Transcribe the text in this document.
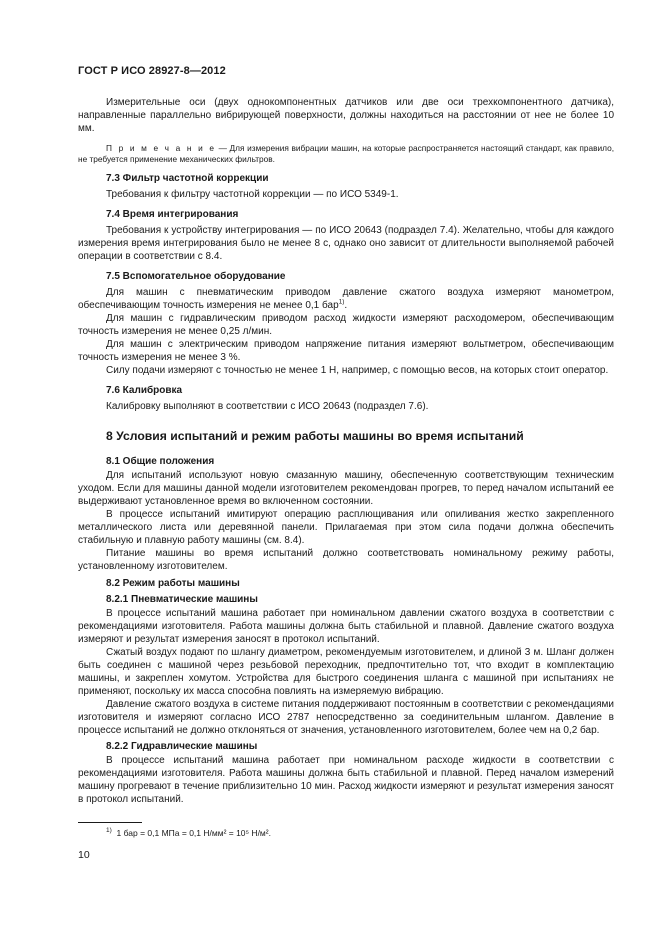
ГОСТ Р ИСО 28927-8—2012

Измерительные оси (двух однокомпонентных датчиков или две оси трехкомпонентного датчика), направленные параллельно вибрирующей поверхности, должны находиться на расстоянии от нее не более 10 мм.

П р и м е ч а н и е — Для измерения вибрации машин, на которые распространяется настоящий стандарт, как правило, не требуется применение механических фильтров.

7.3 Фильтр частотной коррекции

Требования к фильтру частотной коррекции — по ИСО 5349-1.

7.4 Время интегрирования

Требования к устройству интегрирования — по ИСО 20643 (подраздел 7.4). Желательно, чтобы для каждого измерения время интегрирования было не менее 8 с, однако оно зависит от длительности выполняемой рабочей операции в соответствии с 8.4.

7.5 Вспомогательное оборудование

Для машин с пневматическим приводом давление сжатого воздуха измеряют манометром, обеспечивающим точность измерения не менее 0,1 бар$^{1)}$.

Для машин с гидравлическим приводом расход жидкости измеряют расходомером, обеспечивающим точность измерения не менее 0,25 л/мин.

Для машин с электрическим приводом напряжение питания измеряют вольтметром, обеспечивающим точность измерения не менее 3 %.

Силу подачи измеряют с точностью не менее 1 Н, например, с помощью весов, на которых стоит оператор.

7.6 Калибровка

Калибровку выполняют в соответствии с ИСО 20643 (подраздел 7.6).

8 Условия испытаний и режим работы машины во время испытаний
8.1 Общие положения

Для испытаний используют новую смазанную машину, обеспеченную соответствующим техническим уходом. Если для машины данной модели изготовителем рекомендован прогрев, то перед началом испытаний ее выдерживают установленное время во включенном состоянии.

В процессе испытаний имитируют операцию расплющивания или опиливания жестко закрепленного металлического листа или деревянной панели. Прилагаемая при этом сила подачи должна обеспечить стабильную и плавную работу машины (см. 8.4).

Питание машины во время испытаний должно соответствовать номинальному режиму работы, установленному изготовителем.

8.2 Режим работы машины
8.2.1 Пневматические машины

В процессе испытаний машина работает при номинальном давлении сжатого воздуха в соответствии с рекомендациями изготовителя. Работа машины должна быть стабильной и плавной. Давление сжатого воздуха измеряют и результат измерения заносят в протокол испытаний.

Сжатый воздух подают по шлангу диаметром, рекомендуемым изготовителем, и длиной 3 м. Шланг должен быть соединен с машиной через резьбовой переходник, предпочтительно тот, что входит в комплектацию машины, и закреплен хомутом. Устройства для быстрого соединения шланга с машиной при испытаниях не применяют, поскольку их масса способна повлиять на измеряемую вибрацию.

Давление сжатого воздуха в системе питания поддерживают постоянным в соответствии с рекомендациями изготовителя и измеряют согласно ИСО 2787 непосредственно за соединительным шлангом. Давление в процессе испытаний не должно отклоняться от значения, установленного изготовителем, более чем на 0,2 бар.

8.2.2 Гидравлические машины

В процессе испытаний машина работает при номинальном расходе жидкости в соответствии с рекомендациями изготовителя. Работа машины должна быть стабильной и плавной. Перед началом измерений машину прогревают в течение приблизительно 10 мин. Расход жидкости измеряют и результат измерения заносят в протокол испытаний.

$^{1)}$ 1 бар = 0,1 МПа = 0,1 Н/мм² = 10⁵ Н/м².
10
